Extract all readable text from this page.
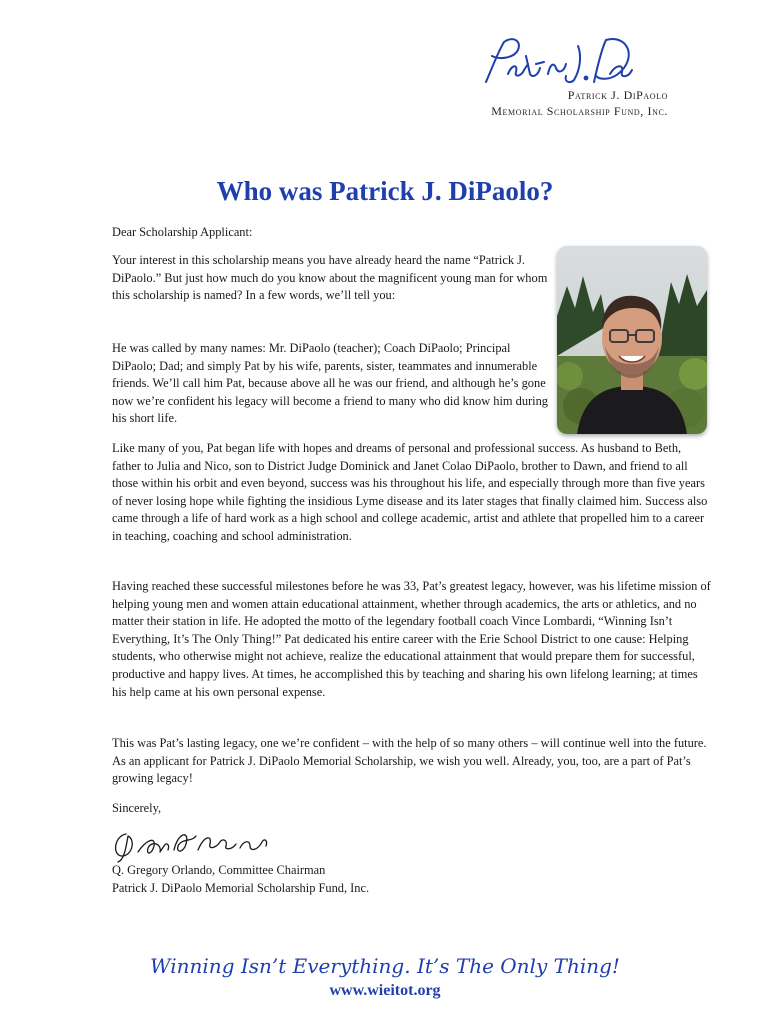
Patrick J. DiPaolo
Memorial Scholarship Fund, Inc.
Who was Patrick J. DiPaolo?

Dear Scholarship Applicant:

Your interest in this scholarship means you have already heard the name “Patrick J. DiPaolo.” But just how much do you know about the magnificent young man for whom this scholarship is named? In a few words, we’ll tell you:

He was called by many names: Mr. DiPaolo (teacher); Coach DiPaolo; Principal DiPaolo; Dad; and simply Pat by his wife, parents, sister, teammates and innumerable friends. We’ll call him Pat, because above all he was our friend, and although he’s gone now we’re confident his legacy will become a friend to many who did know him during his short life.

Like many of you, Pat began life with hopes and dreams of personal and professional success. As husband to Beth, father to Julia and Nico, son to District Judge Dominick and Janet Colao DiPaolo, brother to Dawn, and friend to all those within his orbit and even beyond, success was his throughout his life, and especially through more than five years of never losing hope while fighting the insidious Lyme disease and its later stages that finally claimed him. Success also came through a life of hard work as a high school and college academic, artist and athlete that propelled him to a career in teaching, coaching and school administration.

Having reached these successful milestones before he was 33, Pat’s greatest legacy, however, was his lifetime mission of helping young men and women attain educational attainment, whether through academics, the arts or athletics, and no matter their station in life. He adopted the motto of the legendary football coach Vince Lombardi, “Winning Isn’t Everything, It’s The Only Thing!” Pat dedicated his entire career with the Erie School District to one cause: Helping students, who otherwise might not achieve, realize the educational attainment that would prepare them for successful, productive and happy lives. At times, he accomplished this by teaching and sharing his own lifelong learning; at times his help came at his own personal expense.

This was Pat’s lasting legacy, one we’re confident – with the help of so many others – will continue well into the future. As an applicant for Patrick J. DiPaolo Memorial Scholarship, we wish you well. Already, you, too, are a part of Pat’s growing legacy!

Sincerely,

Q. Gregory Orlando, Committee Chairman

Patrick J. DiPaolo Memorial Scholarship Fund, Inc.

Winning Isn’t Everything. It’s The Only Thing!
www.wieitot.org
